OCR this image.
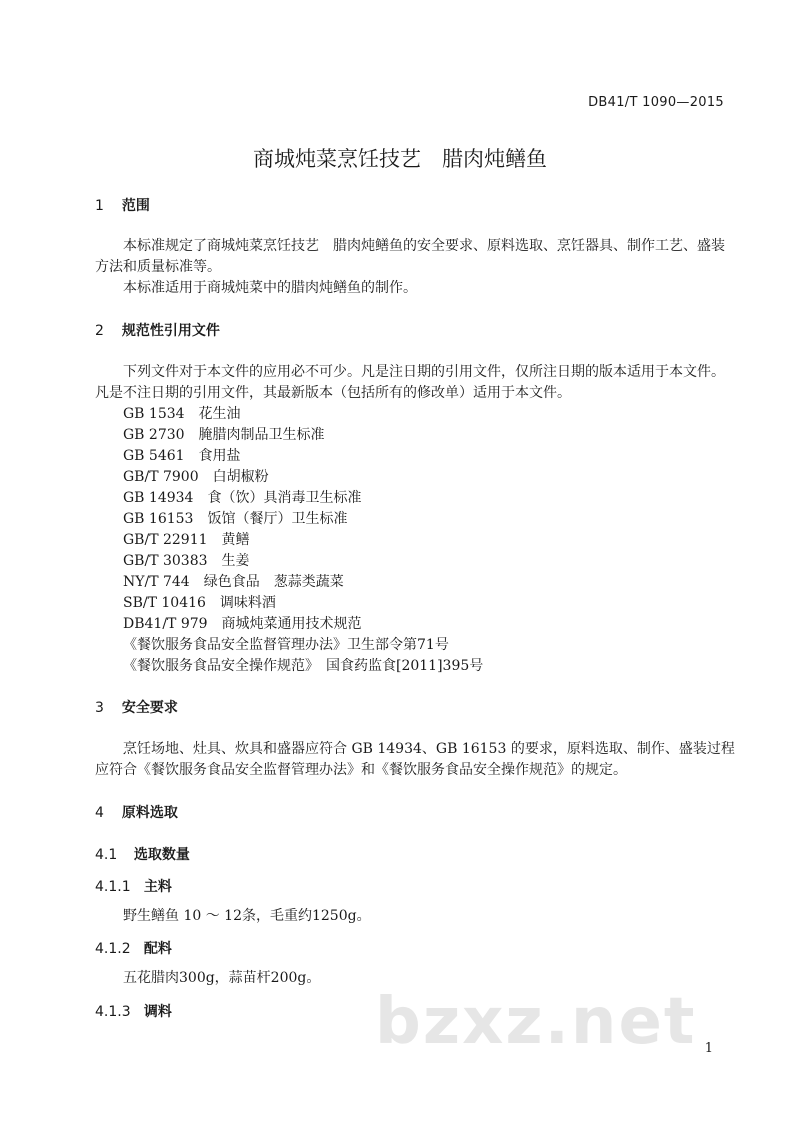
DB41/T 1090—2015
商城炖菜烹饪技艺　腊肉炖鳝鱼
1 范围

本标准规定了商城炖菜烹饪技艺　腊肉炖鳝鱼的安全要求、原料选取、烹饪器具、制作工艺、盛装方法和质量标准等。

本标准适用于商城炖菜中的腊肉炖鳝鱼的制作。

2 规范性引用文件

下列文件对于本文件的应用必不可少。凡是注日期的引用文件，仅所注日期的版本适用于本文件。凡是不注日期的引用文件，其最新版本（包括所有的修改单）适用于本文件。

GB 1534　花生油
GB 2730　腌腊肉制品卫生标准
GB 5461　食用盐
GB/T 7900　白胡椒粉
GB 14934　食（饮）具消毒卫生标准
GB 16153　饭馆（餐厅）卫生标准
GB/T 22911　黄鳝
GB/T 30383　生姜
NY/T 744　绿色食品　葱蒜类蔬菜
SB/T 10416　调味料酒
DB41/T 979　商城炖菜通用技术规范
《餐饮服务食品安全监督管理办法》卫生部令第71号
《餐饮服务食品安全操作规范》　国食药监食[2011]395号
3 安全要求

烹饪场地、灶具、炊具和盛器应符合 GB 14934、GB 16153 的要求，原料选取、制作、盛装过程应符合《餐饮服务食品安全监督管理办法》和《餐饮服务食品安全操作规范》的规定。

4 原料选取
4.1 选取数量
4.1.1 主料

野生鳝鱼 10 ～ 12条，毛重约1250g。

4.1.2 配料

五花腊肉300g，蒜苗杆200g。

4.1.3 调料	bzxz.net 1
